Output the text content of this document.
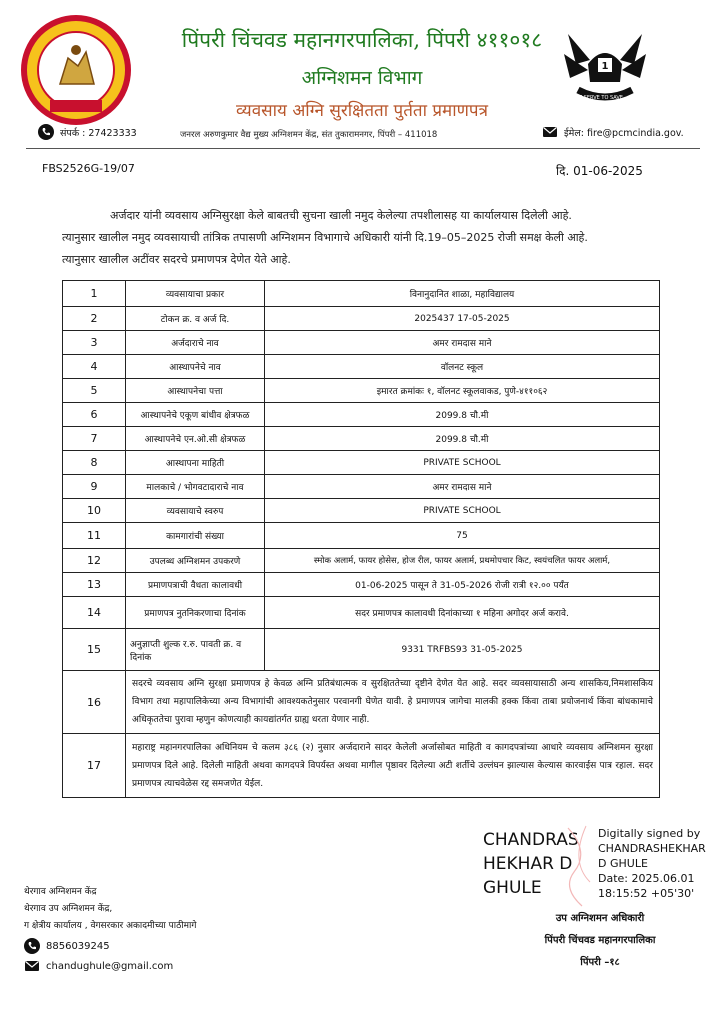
1
WE SERVE TO SAVE
पिंपरी चिंचवड महानगरपालिका, पिंपरी ४११०१८
अग्निशमन विभाग
व्यवसाय अग्नि सुरक्षितता पुर्तता प्रमाणपत्र
संपर्क : 27423333	जनरल अरुणकुमार वैद्य मुख्य अग्निशमन केंद्र, संत तुकारामनगर, पिंपरी – 411018	ईमेल: fire@pcmcindia.gov.
FBS2526G-19/07	दि. 01-06-2025
अर्जदार यांनी व्यवसाय अग्निसुरक्षा केले बाबतची सुचना खाली नमुद केलेल्या तपशीलासह या कार्यालयास दिलेली आहे.
त्यानुसार खालील नमुद व्यवसायाची तांत्रिक तपासणी अग्निशमन विभागाचे अधिकारी यांनी दि.19–05–2025 रोजी समक्ष केली आहे.
त्यानुसार खालील अटींवर सदरचे प्रमाणपत्र देणेत येते आहे.
1	व्यवसायाचा प्रकार	विनानुदानित शाळा, महाविद्यालय
2	टोकन क्र. व अर्ज दि.	2025437 17-05-2025
3	अर्जदाराचे नाव	अमर रामदास माने
4	आस्थापनेचे नाव	वॉलनट स्कूल
5	आस्थापनेचा पत्ता	इमारत क्रमांकः १, वॉलनट स्कूलवाकड, पुणे-४११०६२
6	आस्थापनेचे एकूण बांधीव क्षेत्रफळ	2099.8 चौ.मी
7	आस्थापनेचे एन.ओ.सी क्षेत्रफळ	2099.8 चौ.मी
8	आस्थापना माहिती	PRIVATE SCHOOL
9	मालकाचे / भोगवटादाराचे नाव	अमर रामदास माने
10	व्यवसायाचे स्वरुप	PRIVATE SCHOOL
11	कामगारांची संख्या	75
12	उपलब्ध अग्निशमन उपकरणे	स्मोक अलार्म, फायर होसेस, होज रील, फायर अलार्म, प्रथमोपचार किट, स्वयंचलित फायर अलार्म,
13	प्रमाणपत्राची वैधता कालावधी	01-06-2025 पासून ते 31-05-2026 रोजी रात्री १२.०० पर्यंत
14	प्रमाणपत्र नुतनिकरणाचा दिनांक	सदर प्रमाणपत्र कालावधी दिनांकाच्या १ महिना अगोदर अर्ज करावे.
15	अनुज्ञाप्ती शुल्क र.रु. पावती क्र. व दिनांक	9331 TRFBS93 31-05-2025
16	सदरचे व्यवसाय अग्नि सुरक्षा प्रमाणपत्र हे केवळ अग्नि प्रतिबंधात्मक व सुरक्षिततेच्या दृष्टीने देणेत येत आहे. सदर व्यवसायासाठी अन्य शासकिय,निमशासकिय विभाग तथा महापालिकेच्या अन्य विभागांची आवश्यकतेनुसार परवानगी घेणेत यावी. हे प्रमाणपत्र जागेचा मालकी हक्क किंवा ताबा प्रयोजनार्थ किंवा बांधकामाचे अधिकृततेचा पुरावा म्हणुन कोणत्याही कायद्यांतर्गत ग्राह्य धरता येणार नाही.	
17	महाराष्ट्र महानगरपालिका अधिनियम चे कलम ३८६ (२) नुसार अर्जदाराने सादर केलेली अर्जासोबत माहिती व कागदपत्रांच्या आधारे व्यवसाय अग्निशमन सुरक्षा प्रमाणपत्र दिले आहे. दिलेली माहिती अथवा कागदपत्रे विपर्यस्त अथवा मागील पृष्ठावर दिलेल्या अटी शर्तीचे उल्लंघन झाल्यास केल्यास कारवाईस पात्र रहाल. सदर प्रमाणपत्र त्याचवेळेस रद्द समजणेत येईल.	
CHANDRAS
HEKHAR D
GHULE
Digitally signed by
CHANDRASHEKHAR
D GHULE
Date: 2025.06.01
18:15:52 +05'30'
उप अग्निशमन अधिकारी
पिंपरी चिंचवड महानगरपालिका
पिंपरी –१८
थेरगाव अग्निशमन केंद्र
थेरगाव उप अग्निशमन केंद्र,
ग क्षेत्रीय कार्यालय , वेगसरकार अकादमीच्या पाठीमागे
8856039245
chandughule@gmail.com
